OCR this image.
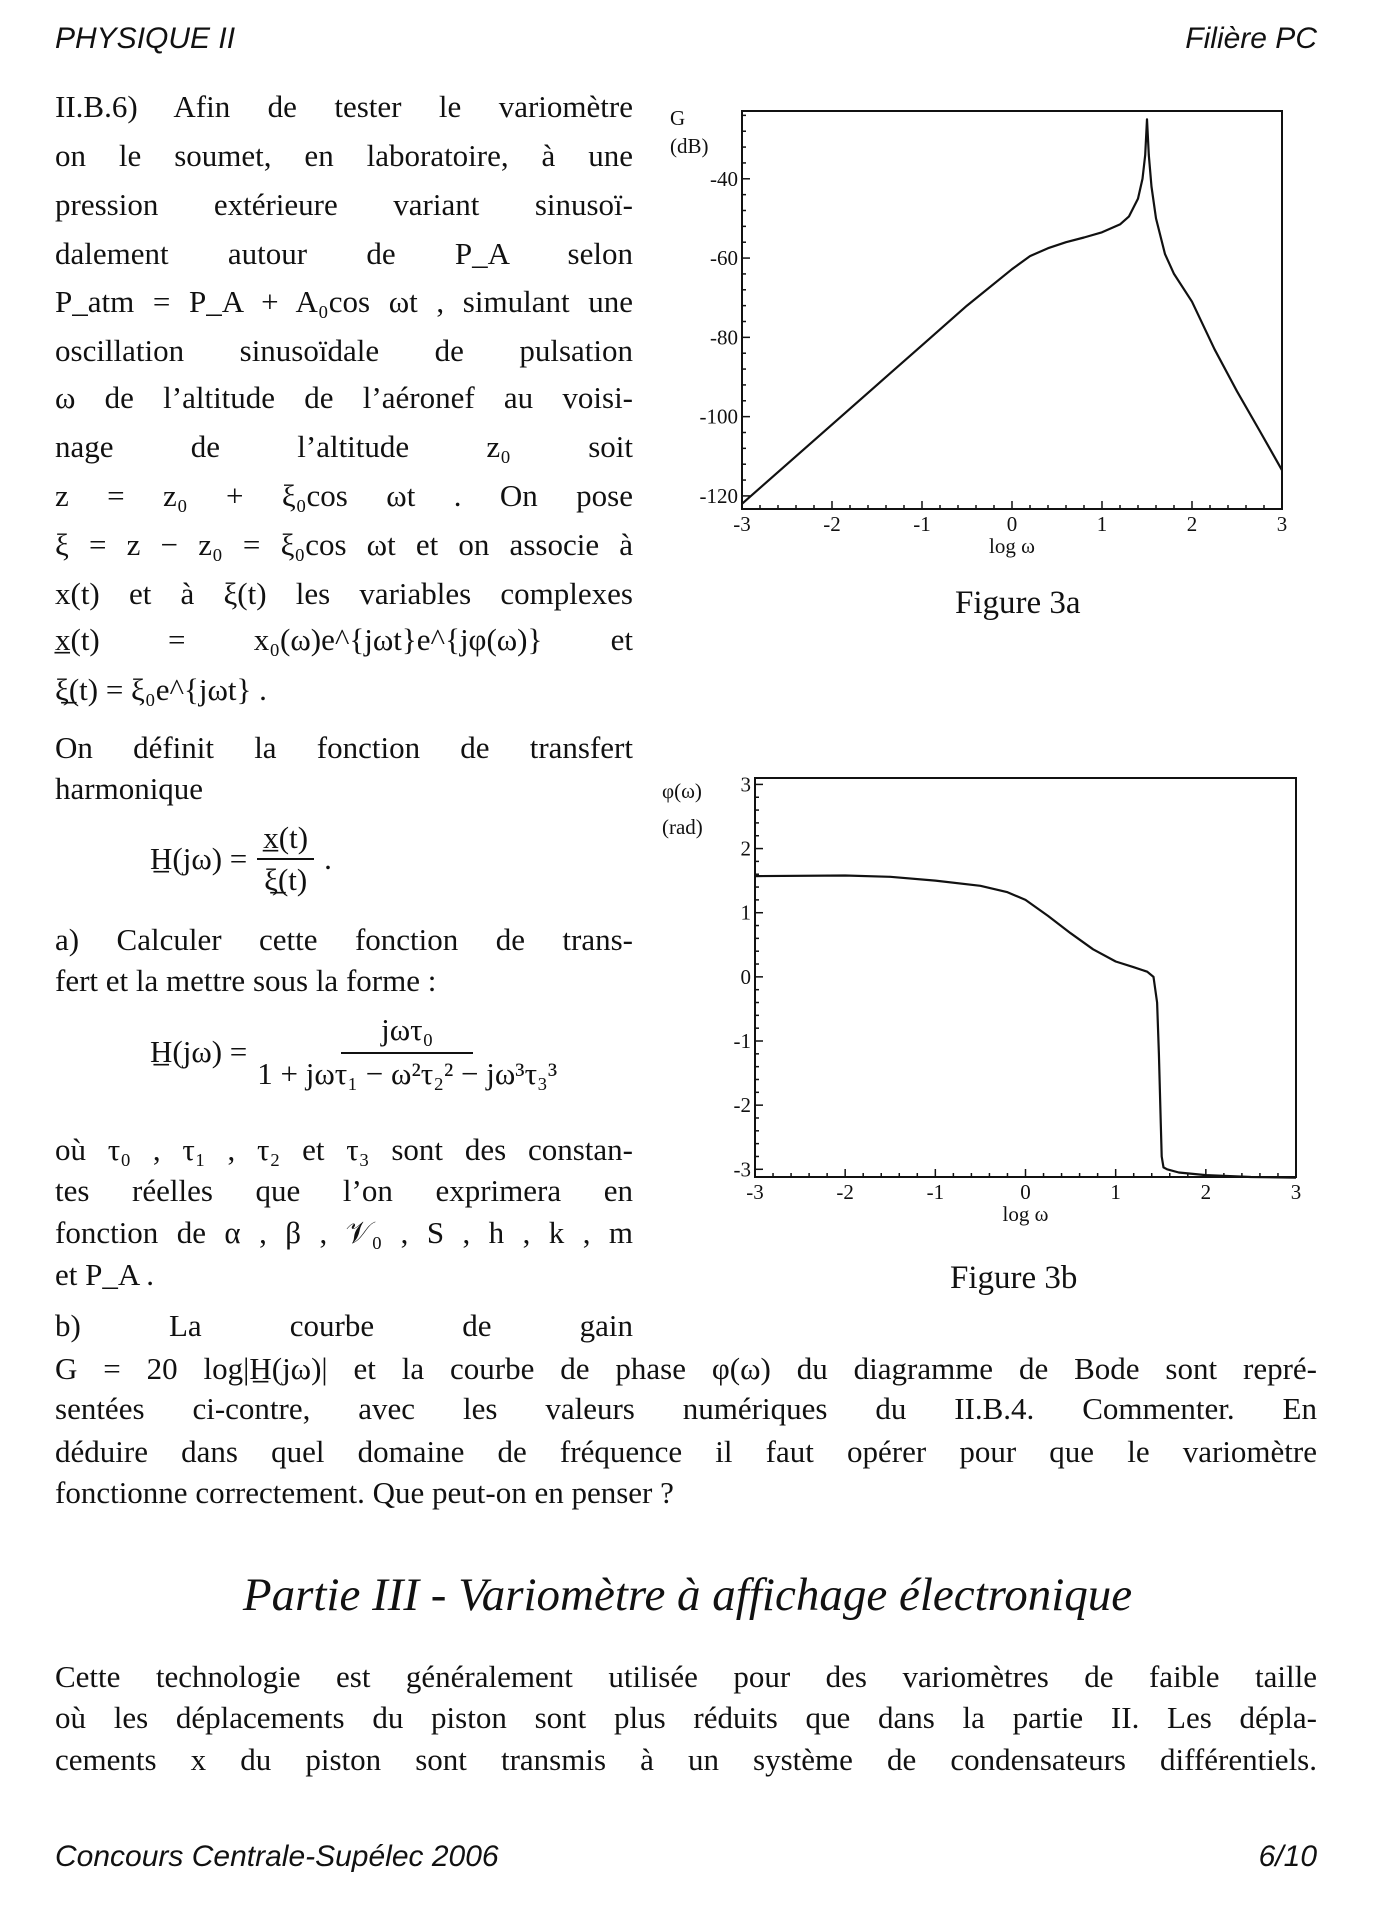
PHYSIQUE II	Filière PC
II.B.6) Afin de tester le variomètre
on le soumet, en laboratoire, à une
pression extérieure variant sinusoï-
dalement autour de P_A selon
P_atm = P_A + A₀cos ωt , simulant une
oscillation sinusoïdale de pulsation
ω de l’altitude de l’aéronef au voisi-
nage de l’altitude z₀ soit
z = z₀ + ξ₀cos ωt . On pose
ξ = z − z₀ = ξ₀cos ωt et on associe à
x(t) et à ξ(t) les variables complexes
x̲(t) = x₀(ω)e^{jωt}e^{jφ(ω)} et
ξ̲(t) = ξ₀e^{jωt} .
On définit la fonction de transfert
harmonique
H̲(jω) = $\frac{x̲(t)}{\xi̲(t)}$ .
a) Calculer cette fonction de trans-
fert et la mettre sous la forme :
H̲(jω) = $\frac{\text{jωτ₀}}{\text{1 + jωτ₁ − ω²τ₂² − jω³τ₃³}}$
où τ₀ , τ₁ , τ₂ et τ₃ sont des constan-
tes réelles que l’on exprimera en
fonction de α , β , 𝒱₀ , S , h , k , m
et P_A .
b) La courbe de gain
G = 20 log|H̲(jω)| et la courbe de phase φ(ω) du diagramme de Bode sont repré-
sentées ci-contre, avec les valeurs numériques du II.B.4. Commenter. En
déduire dans quel domaine de fréquence il faut opérer pour que le variomètre
fonctionne correctement. Que peut-on en penser ?
Partie III - Variomètre à affichage électronique
Cette technologie est généralement utilisée pour des variomètres de faible taille
où les déplacements du piston sont plus réduits que dans la partie II. Les dépla-
cements x du piston sont transmis à un système de condensateurs différentiels.
Concours Centrale-Supélec 2006	6/10
-3	-2	-1	0	1	2	3
-40
-60
-80
-100
-120
log ω
G
(dB)
Figure 3a
-3	-2	-1	0	1	2	3
3
2
1
0
-1
-2
-3
log ω
φ(ω)
(rad)
Figure 3b
